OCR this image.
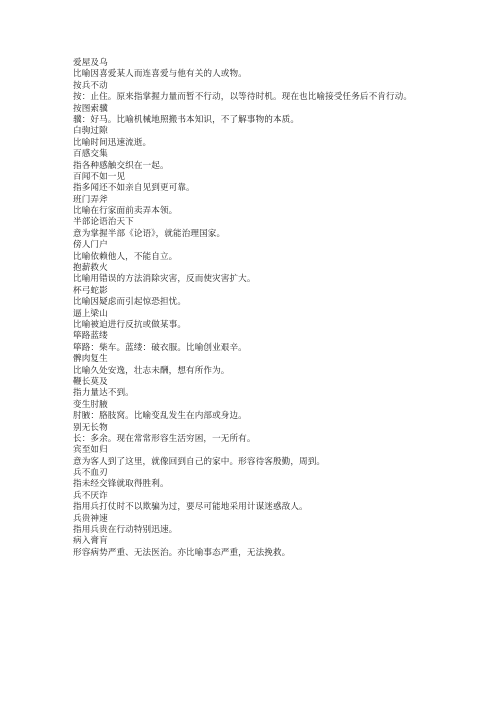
爱屋及乌
比喻因喜爱某人而连喜爱与他有关的人或物。
按兵不动
按：止住。原来指掌握力量而暂不行动，以等待时机。现在也比喻接受任务后不肯行动。
按图索骥
骥：好马。比喻机械地照搬书本知识，不了解事物的本质。
白驹过隙
比喻时间迅速流逝。
百感交集
指各种感触交织在一起。
百闻不如一见
指多闻还不如亲自见到更可靠。
班门弄斧
比喻在行家面前卖弄本领。
半部论语治天下
意为掌握半部《论语》，就能治理国家。
傍人门户
比喻依赖他人，不能自立。
抱薪救火
比喻用错误的方法消除灾害，反而使灾害扩大。
杯弓蛇影
比喻因疑虑而引起惊恐担忧。
逼上梁山
比喻被迫进行反抗或做某事。
筚路蓝缕
筚路：柴车。蓝缕：破衣服。比喻创业艰辛。
髀肉复生
比喻久处安逸，壮志未酬，想有所作为。
鞭长莫及
指力量达不到。
变生肘腋
肘腋：胳肢窝。比喻变乱发生在内部或身边。
别无长物
长：多余。现在常常形容生活穷困，一无所有。
宾至如归
意为客人到了这里，就像回到自己的家中。形容待客殷勤，周到。
兵不血刃
指未经交锋就取得胜利。
兵不厌诈
指用兵打仗时不以欺骗为过，要尽可能地采用计谋迷惑敌人。
兵贵神速
指用兵贵在行动特别迅速。
病入膏肓
形容病势严重、无法医治。亦比喻事态严重，无法挽救。
